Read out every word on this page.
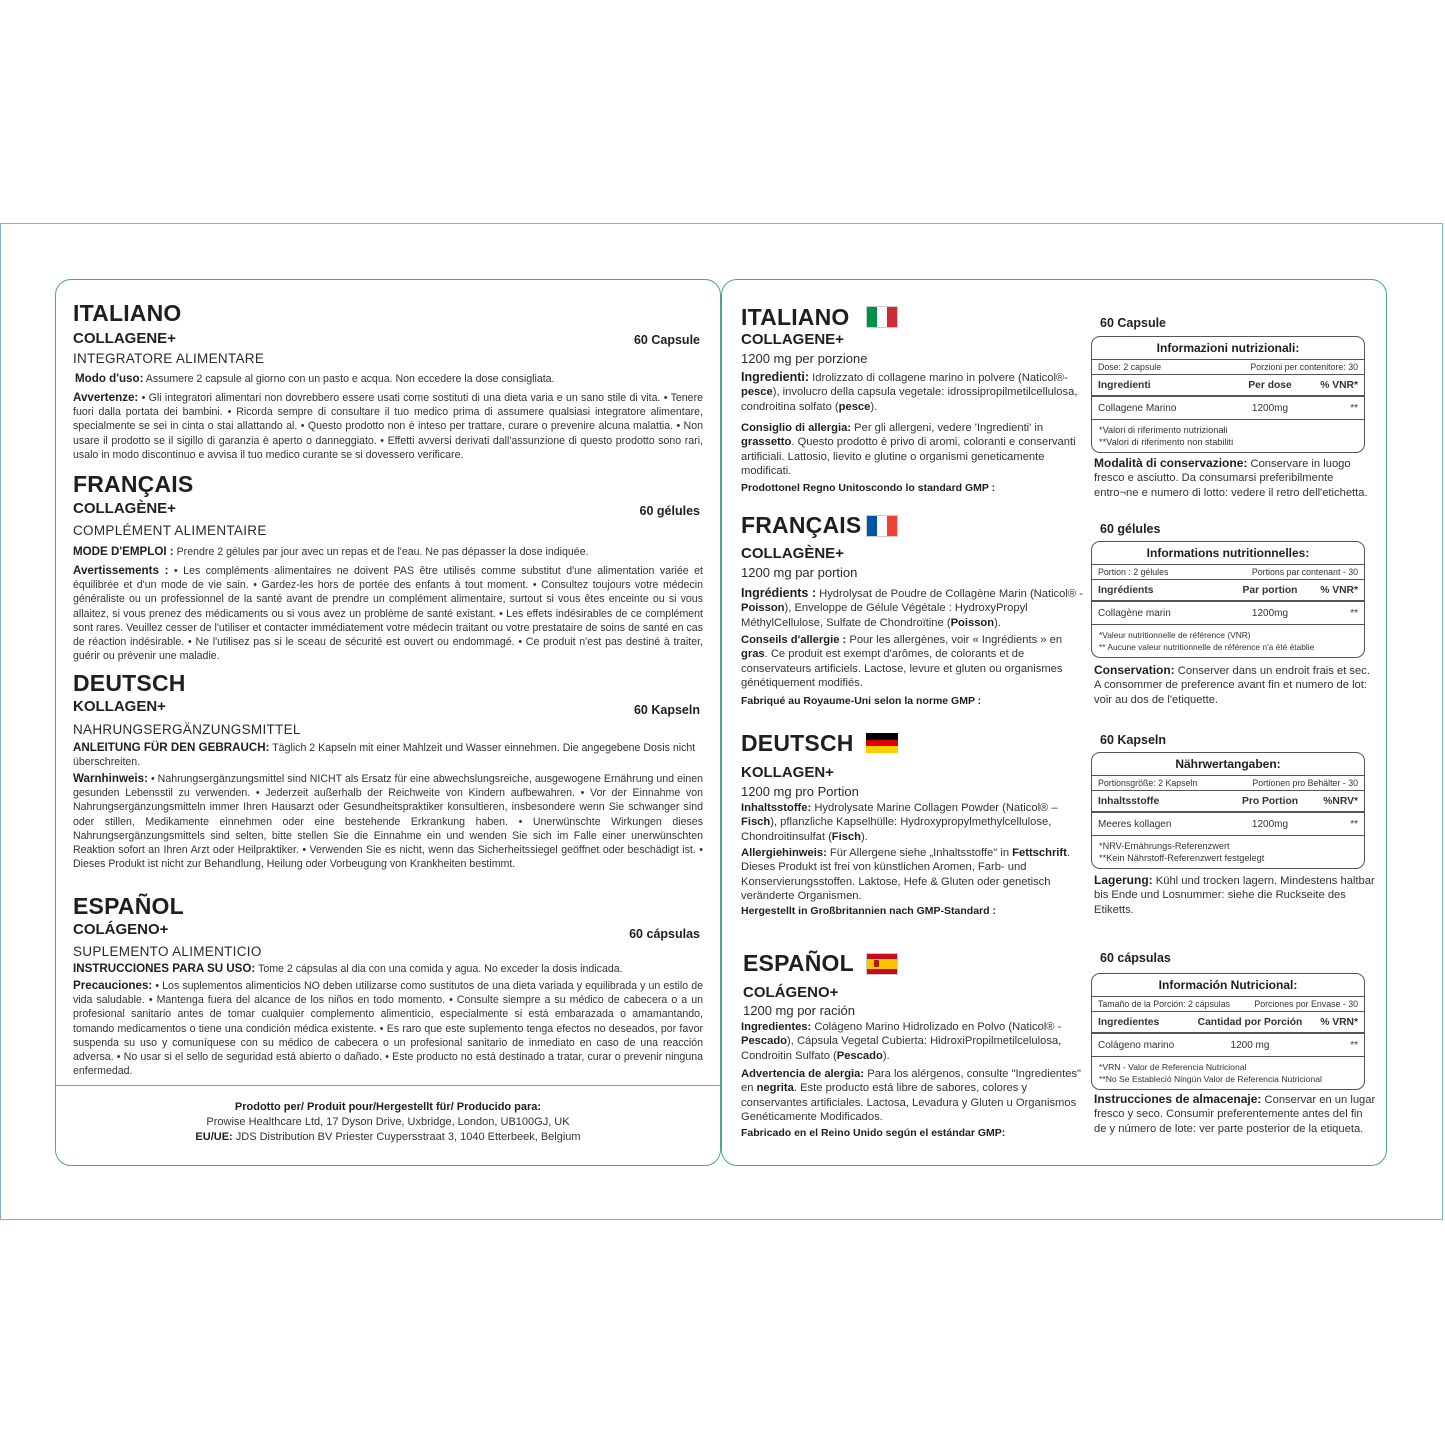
ITALIANO
COLLAGENE+	60 Capsule
INTEGRATORE ALIMENTARE
Modo d'uso: Assumere 2 capsule al giorno con un pasto e acqua. Non eccedere la dose consigliata.
Avvertenze: • Gli integratori alimentari non dovrebbero essere usati come sostituti di una dieta varia e un sano stile di vita. • Tenere fuori dalla portata dei bambini. • Ricorda sempre di consultare il tuo medico prima di assumere qualsiasi integratore alimentare, specialmente se sei in cinta o stai allattando al. • Questo prodotto non è inteso per trattare, curare o prevenire alcuna malattia. • Non usare il prodotto se il sigillo di garanzia è aperto o danneggiato. • Effetti avversi derivati dall'assunzione di questo prodotto sono rari, usalo in modo discontinuo e avvisa il tuo medico curante se si dovessero verificare.
FRANÇAIS
COLLAGÈNE+	60 gélules
COMPLÉMENT ALIMENTAIRE
MODE D'EMPLOI : Prendre 2 gélules par jour avec un repas et de l'eau. Ne pas dépasser la dose indiquée.
Avertissements : • Les compléments alimentaires ne doivent PAS être utilisés comme substitut d'une alimentation variée et équilibrée et d'un mode de vie sain. • Gardez-les hors de portée des enfants à tout moment. • Consultez toujours votre médecin généraliste ou un professionnel de la santé avant de prendre un complément alimentaire, surtout si vous êtes enceinte ou si vous allaitez, si vous prenez des médicaments ou si vous avez un problème de santé existant. • Les effets indésirables de ce complément sont rares. Veuillez cesser de l'utiliser et contacter immédiatement votre médecin traitant ou votre prestataire de soins de santé en cas de réaction indésirable. • Ne l'utilisez pas si le sceau de sécurité est ouvert ou endommagé. • Ce produit n'est pas destiné à traiter, guérir ou prévenir une maladie.
DEUTSCH
KOLLAGEN+	60 Kapseln
NAHRUNGSERGÄNZUNGSMITTEL
ANLEITUNG FÜR DEN GEBRAUCH: Täglich 2 Kapseln mit einer Mahlzeit und Wasser einnehmen. Die angegebene Dosis nicht überschreiten.
Warnhinweis: • Nahrungsergänzungsmittel sind NICHT als Ersatz für eine abwechslungsreiche, ausgewogene Ernährung und einen gesunden Lebensstil zu verwenden. • Jederzeit außerhalb der Reichweite von Kindern aufbewahren. • Vor der Einnahme von Nahrungsergänzungsmitteln immer Ihren Hausarzt oder Gesundheitspraktiker konsultieren, insbesondere wenn Sie schwanger sind oder stillen, Medikamente einnehmen oder eine bestehende Erkrankung haben. • Unerwünschte Wirkungen dieses Nahrungsergänzungsmittels sind selten, bitte stellen Sie die Einnahme ein und wenden Sie sich im Falle einer unerwünschten Reaktion sofort an Ihren Arzt oder Heilpraktiker. • Verwenden Sie es nicht, wenn das Sicherheitssiegel geöffnet oder beschädigt ist. • Dieses Produkt ist nicht zur Behandlung, Heilung oder Vorbeugung von Krankheiten bestimmt.
ESPAÑOL
COLÁGENO+	60 cápsulas
SUPLEMENTO ALIMENTICIO
INSTRUCCIONES PARA SU USO: Tome 2 cápsulas al dia con una comida y agua. No exceder la dosis indicada.
Precauciones: • Los suplementos alimenticios NO deben utilizarse como sustitutos de una dieta variada y equilibrada y un estilo de vida saludable. • Mantenga fuera del alcance de los niños en todo momento. • Consulte siempre a su médico de cabecera o a un profesional sanitario antes de tomar cualquier complemento alimenticio, especialmente si está embarazada o amamantando, tomando medicamentos o tiene una condición médica existente. • Es raro que este suplemento tenga efectos no deseados, por favor suspenda su uso y comuníquese con su médico de cabecera o un profesional sanitario de inmediato en caso de una reacción adversa. • No usar si el sello de seguridad está abierto o dañado. • Este producto no está destinado a tratar, curar o prevenir ninguna enfermedad.
Prodotto per/ Produit pour/Hergestellt für/ Producido para:
Prowise Healthcare Ltd, 17 Dyson Drive, Uxbridge, London, UB100GJ, UK
EU/UE: JDS Distribution BV Priester Cuypersstraat 3, 1040 Etterbeek, Belgium
ITALIANO
COLLAGENE+
1200 mg per porzione
Ingredienti: Idrolizzato di collagene marino in polvere (Naticol®-pesce), involucro della capsula vegetale: idrossipropilmetilcellulosa, condroitina solfato (pesce).
Consiglio di allergia: Per gli allergeni, vedere 'Ingredienti' in grassetto. Questo prodotto è privo di aromi, coloranti e conservanti artificiali. Lattosio, lievito e glutine o organismi geneticamente modificati.
Prodottonel Regno Unitoscondo lo standard GMP :
60 Capsule
Informazioni nutrizionali:
Dose: 2 capsule	Porzioni per contenitore: 30
Ingredienti	Per dose	% VNR*
Collagene Marino	1200mg	**
*Valori di riferimento nutrizionali
**Valori di riferimento non stabiliti
Modalità di conservazione: Conservare in luogo fresco e asciutto. Da consumarsi preferibilmente entro¬ne e numero di lotto: vedere il retro dell'etichetta.
FRANÇAIS
COLLAGÈNE+
1200 mg par portion
Ingrédients : Hydrolysat de Poudre de Collagène Marin (Naticol® - Poisson), Enveloppe de Gélule Végétale : HydroxyPropyl MéthylCellulose, Sulfate de Chondroïtine (Poisson).
Conseils d'allergie : Pour les allergènes, voir « Ingrédients » en gras. Ce produit est exempt d'arômes, de colorants et de conservateurs artificiels. Lactose, levure et gluten ou organismes génétiquement modifiés.
Fabriqué au Royaume-Uni selon la norme GMP :
60 gélules
Informations nutritionnelles:
Portion : 2 gélules	Portions par contenant - 30
Ingrédients	Par portion	% VNR*
Collagène marin	1200mg	**
*Valeur nutritionnelle de référence (VNR)
** Aucune valeur nutritionnelle de référence n'a été établie
Conservation: Conserver dans un endroit frais et sec. A consommer de preference avant fin et numero de lot: voir au dos de l'etiquette.
DEUTSCH
KOLLAGEN+
1200 mg pro Portion
Inhaltsstoffe: Hydrolysate Marine Collagen Powder (Naticol® – Fisch), pflanzliche Kapselhülle: Hydroxypropylmethylcellulose, Chondroitinsulfat (Fisch).
Allergiehinweis: Für Allergene siehe „Inhaltsstoffe" in Fettschrift. Dieses Produkt ist frei von künstlichen Aromen, Farb- und Konservierungsstoffen. Laktose, Hefe & Gluten oder genetisch veränderte Organismen.
Hergestellt in Großbritannien nach GMP-Standard :
60 Kapseln
Nährwertangaben:
Portionsgröße: 2 Kapseln	Portionen pro Behälter - 30
Inhaltsstoffe	Pro Portion	%NRV*
Meeres kollagen	1200mg	**
*NRV-Ernährungs-Referenzwert
**Kein Nährstoff-Referenzwert festgelegt
Lagerung: Kühl und trocken lagern. Mindestens haltbar bis Ende und Losnummer: siehe die Ruckseite des Etiketts.
ESPAÑOL
COLÁGENO+
1200 mg por ración
Ingredientes: Colágeno Marino Hidrolizado en Polvo (Naticol® - Pescado), Cápsula Vegetal Cubierta: HidroxiPropilmetilcelulosa, Condroitin Sulfato (Pescado).
Advertencia de alergia: Para los alérgenos, consulte "Ingredientes" en negrita. Este producto está libre de sabores, colores y conservantes artificiales. Lactosa, Levadura y Gluten u Organismos Genéticamente Modificados.
Fabricado en el Reino Unido según el estándar GMP:
60 cápsulas
Información Nutricional:
Tamaño de la Porción: 2 cápsulas	Porciones por Envase - 30
Ingredientes	Cantidad por Porción	% VRN*
Colágeno marino	1200 mg	**
*VRN - Valor de Referencia Nutricional
**No Se Estableció Ningún Valor de Referencia Nutricional
Instrucciones de almacenaje: Conservar en un lugar fresco y seco. Consumir preferentemente antes del fin de y número de lote: ver parte posterior de la etiqueta.
